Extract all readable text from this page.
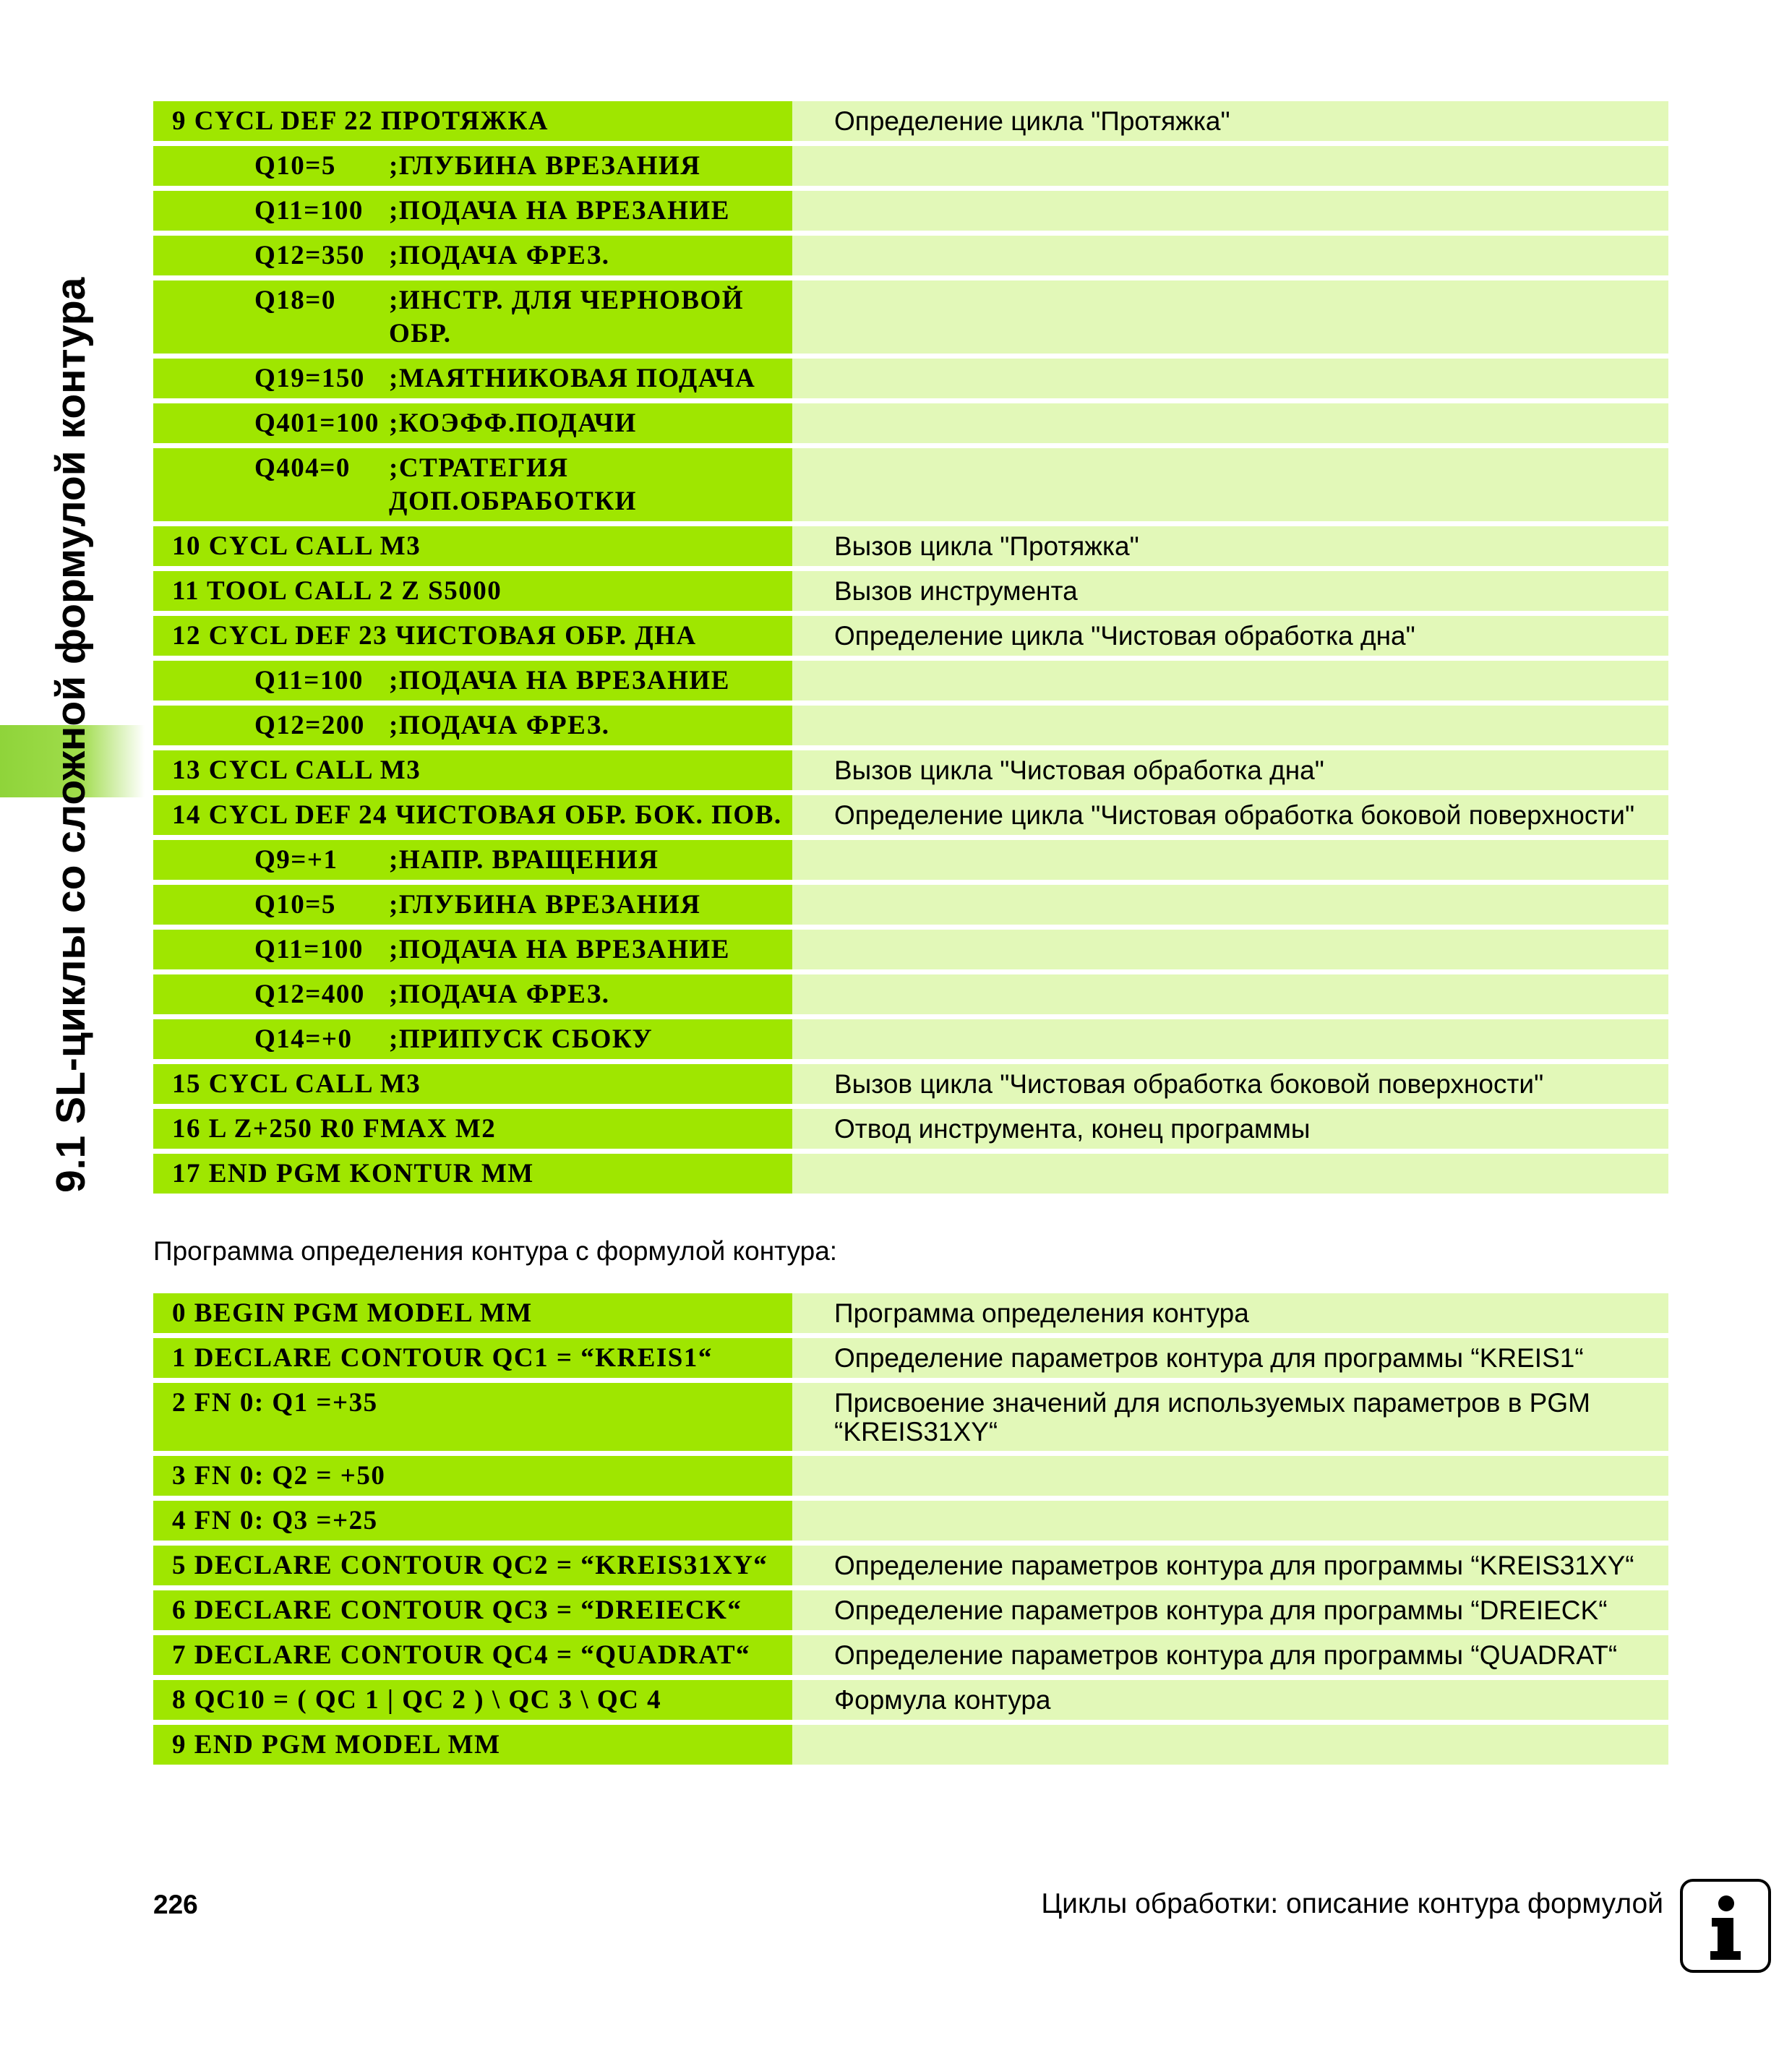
9.1 SL-циклы со сложной формулой контура
9 CYCL DEF 22 ПРОТЯЖКА	Определение цикла "Протяжка"

Q10=5 ;ГЛУБИНА ВРЕЗАНИЯ	

Q11=100 ;ПОДАЧА НА ВРЕЗАНИЕ	

Q12=350 ;ПОДАЧА ФРЕЗ.	

Q18=0 ;ИНСТР. ДЛЯ ЧЕРНОВОЙ ОБР.	

Q19=150 ;МАЯТНИКОВАЯ ПОДАЧА	

Q401=100 ;КОЭФФ.ПОДАЧИ	

Q404=0 ;СТРАТЕГИЯ ДОП.ОБРАБОТКИ	

10 CYCL CALL M3	Вызов цикла "Протяжка"
11 TOOL CALL 2 Z S5000	Вызов инструмента
12 CYCL DEF 23 ЧИСТОВАЯ ОБР. ДНА	Определение цикла "Чистовая обработка дна"

Q11=100 ;ПОДАЧА НА ВРЕЗАНИЕ	

Q12=200 ;ПОДАЧА ФРЕЗ.	

13 CYCL CALL M3	Вызов цикла "Чистовая обработка дна"
14 CYCL DEF 24 ЧИСТОВАЯ ОБР. БОК. ПОВ.	Определение цикла "Чистовая обработка боковой поверхности"

Q9=+1 ;НАПР. ВРАЩЕНИЯ	

Q10=5 ;ГЛУБИНА ВРЕЗАНИЯ	

Q11=100 ;ПОДАЧА НА ВРЕЗАНИЕ	

Q12=400 ;ПОДАЧА ФРЕЗ.	

Q14=+0 ;ПРИПУСК СБОКУ	

15 CYCL CALL M3	Вызов цикла "Чистовая обработка боковой поверхности"
16 L Z+250 R0 FMAX M2	Отвод инструмента, конец программы
17 END PGM KONTUR MM	
Программа определения контура с формулой контура:
0 BEGIN PGM MODEL MM	Программа определения контура
1 DECLARE CONTOUR QC1 = “KREIS1“	Определение параметров контура для программы “KREIS1“
2 FN 0: Q1 =+35	Присвоение значений для используемых параметров в PGM “KREIS31XY“
3 FN 0: Q2 = +50	
4 FN 0: Q3 =+25	
5 DECLARE CONTOUR QC2 = “KREIS31XY“	Определение параметров контура для программы “KREIS31XY“
6 DECLARE CONTOUR QC3 = “DREIECK“	Определение параметров контура для программы “DREIECK“
7 DECLARE CONTOUR QC4 = “QUADRAT“	Определение параметров контура для программы “QUADRAT“
8 QC10 = ( QC 1 | QC 2 ) \ QC 3 \ QC 4	Формула контура
9 END PGM MODEL MM	
226	Циклы обработки: описание контура формулой
